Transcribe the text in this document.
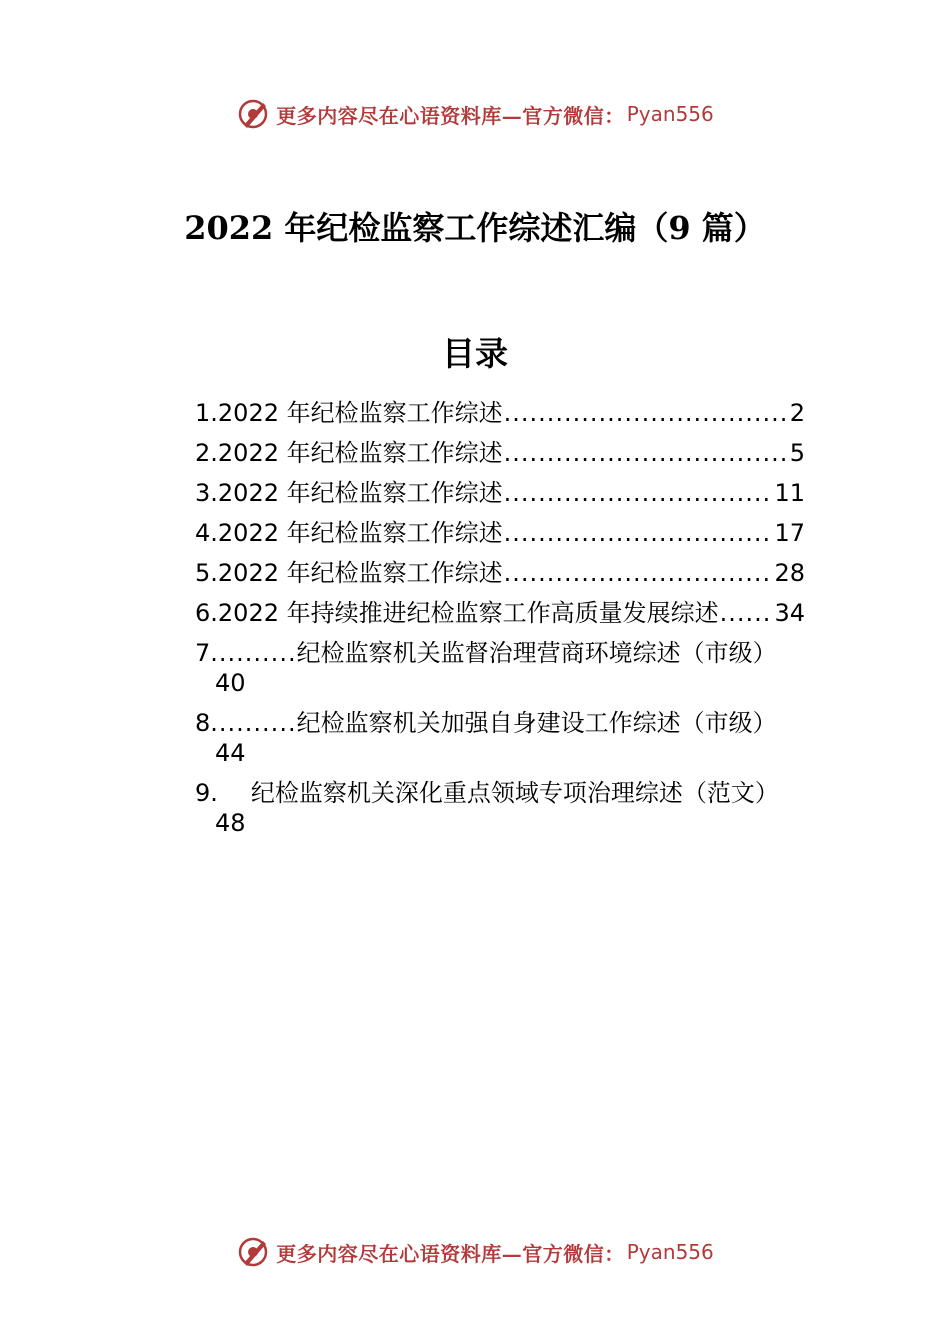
更多内容尽在心语资料库—官方微信： Pyan556
2022 年纪检监察工作综述汇编（9 篇）
目录
1.2022 年纪检监察工作综述 .....	2
2.2022 年纪检监察工作综述 .....	5
3.2022 年纪检监察工作综述 .....	11
4.2022 年纪检监察工作综述 .....	17
5.2022 年纪检监察工作综述 .....	28
6.2022 年持续推进纪检监察工作高质量发展综述 ..... 34
7 .......... 纪检监察机关监督治理营商环境综述（市级）
40
8 .......... 纪检监察机关加强自身建设工作综述（市级）
44
9. 纪检监察机关深化重点领域专项治理综述（范文）
48
更多内容尽在心语资料库—官方微信： Pyan556
